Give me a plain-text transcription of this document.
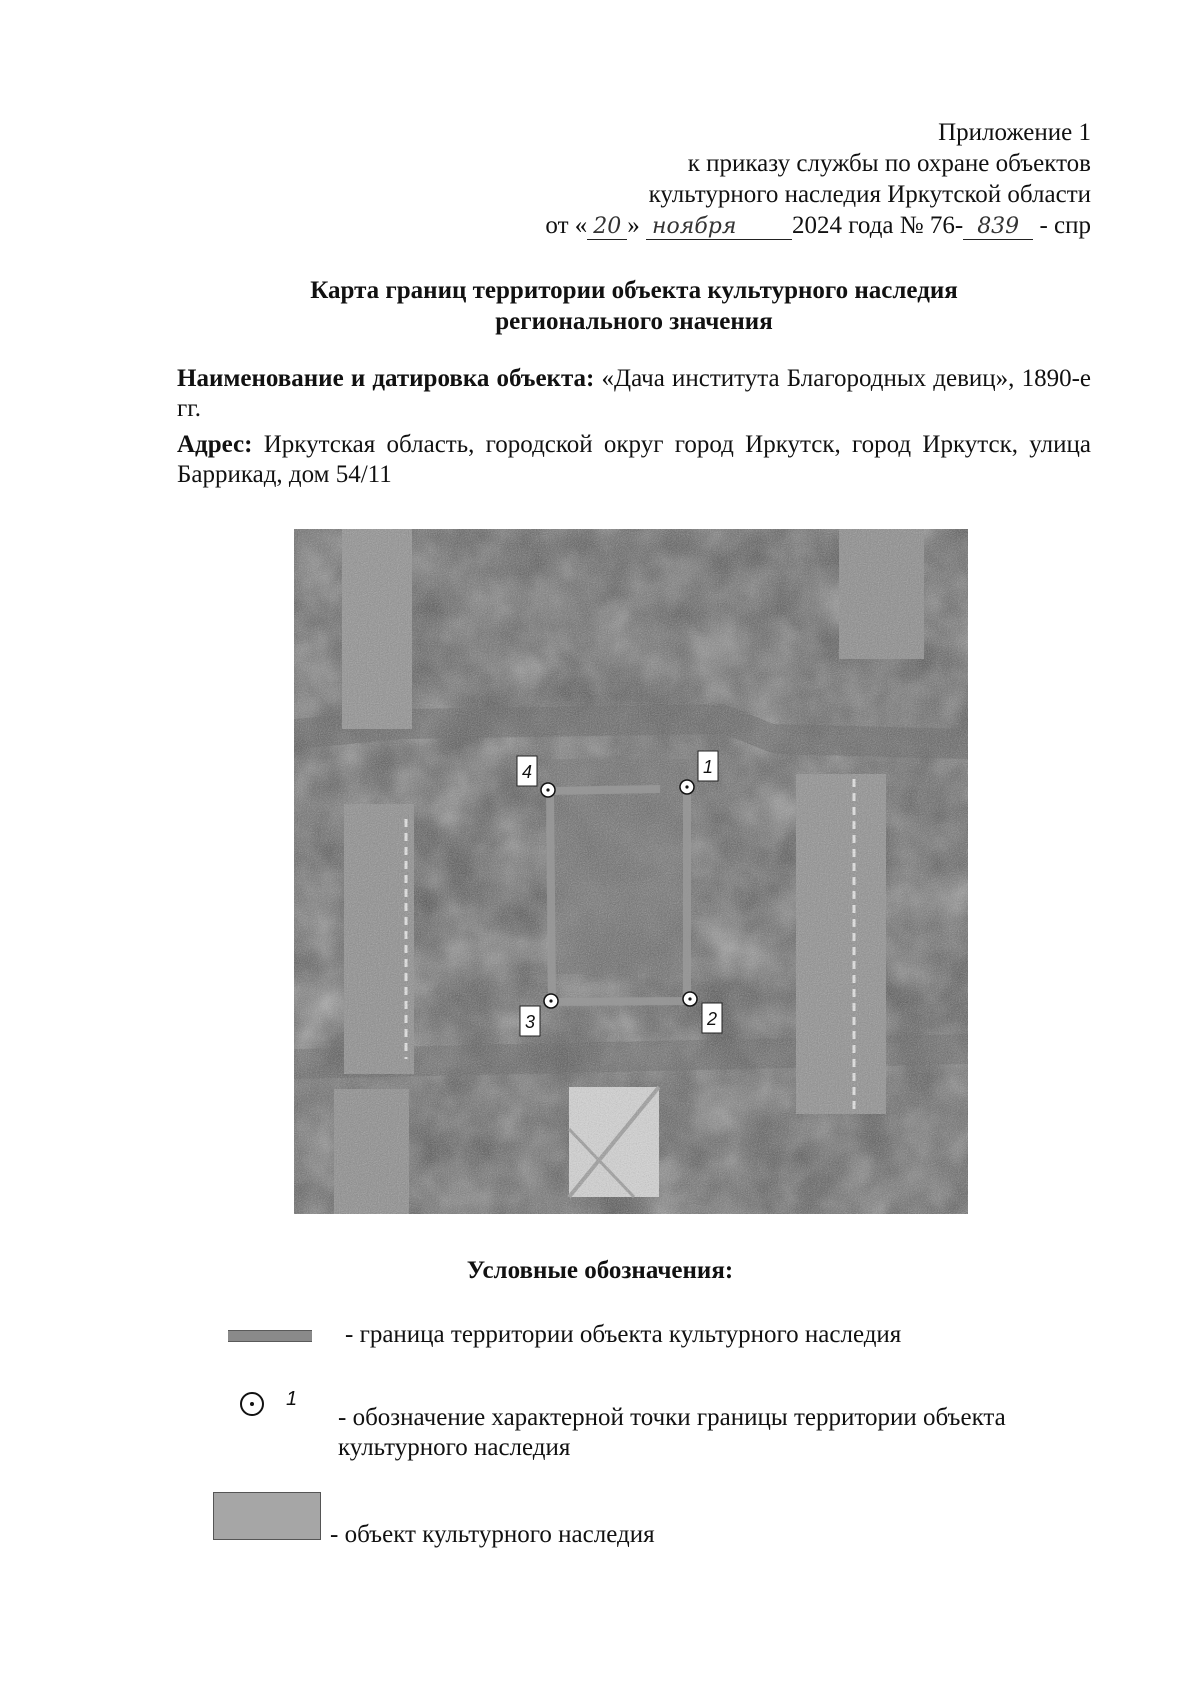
Приложение 1
к приказу службы по охране объектов
культурного наследия Иркутской области
от « 20 » ноября 2024 года № 76- 839 - спр
Карта границ территории объекта культурного наследия
регионального значения

Наименование и датировка объекта: «Дача института Благородных девиц», 1890-е гг.

Адрес: Иркутская область, городской округ город Иркутск, город Иркутск, улица Баррикад, дом 54/11

1
2
3
4
Условные обозначения:
- граница территории объекта культурного наследия
1
- обозначение характерной точки границы территории объекта культурного наследия
- объект культурного наследия
